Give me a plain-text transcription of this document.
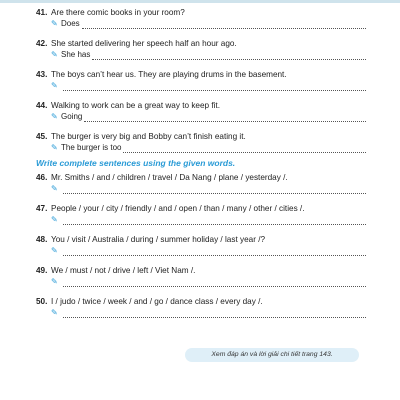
41. Are there comic books in your room?
✎ Does
42. She started delivering her speech half an hour ago.
✎ She has
43. The boys can’t hear us. They are playing drums in the basement.
✎
44. Walking to work can be a great way to keep fit.
✎ Going
45. The burger is very big and Bobby can’t finish eating it.
✎ The burger is too
Write complete sentences using the given words.
46. Mr. Smiths / and / children / travel / Da Nang / plane / yesterday /.
✎
47. People / your / city / friendly / and / open / than / many / other / cities /.
✎
48. You / visit / Australia / during / summer holiday / last year /?
✎
49. We / must / not / drive / left / Viet Nam /.
✎
50. I / judo / twice / week / and / go / dance class / every day /.
✎
Xem đáp án và lời giải chi tiết trang 143.
